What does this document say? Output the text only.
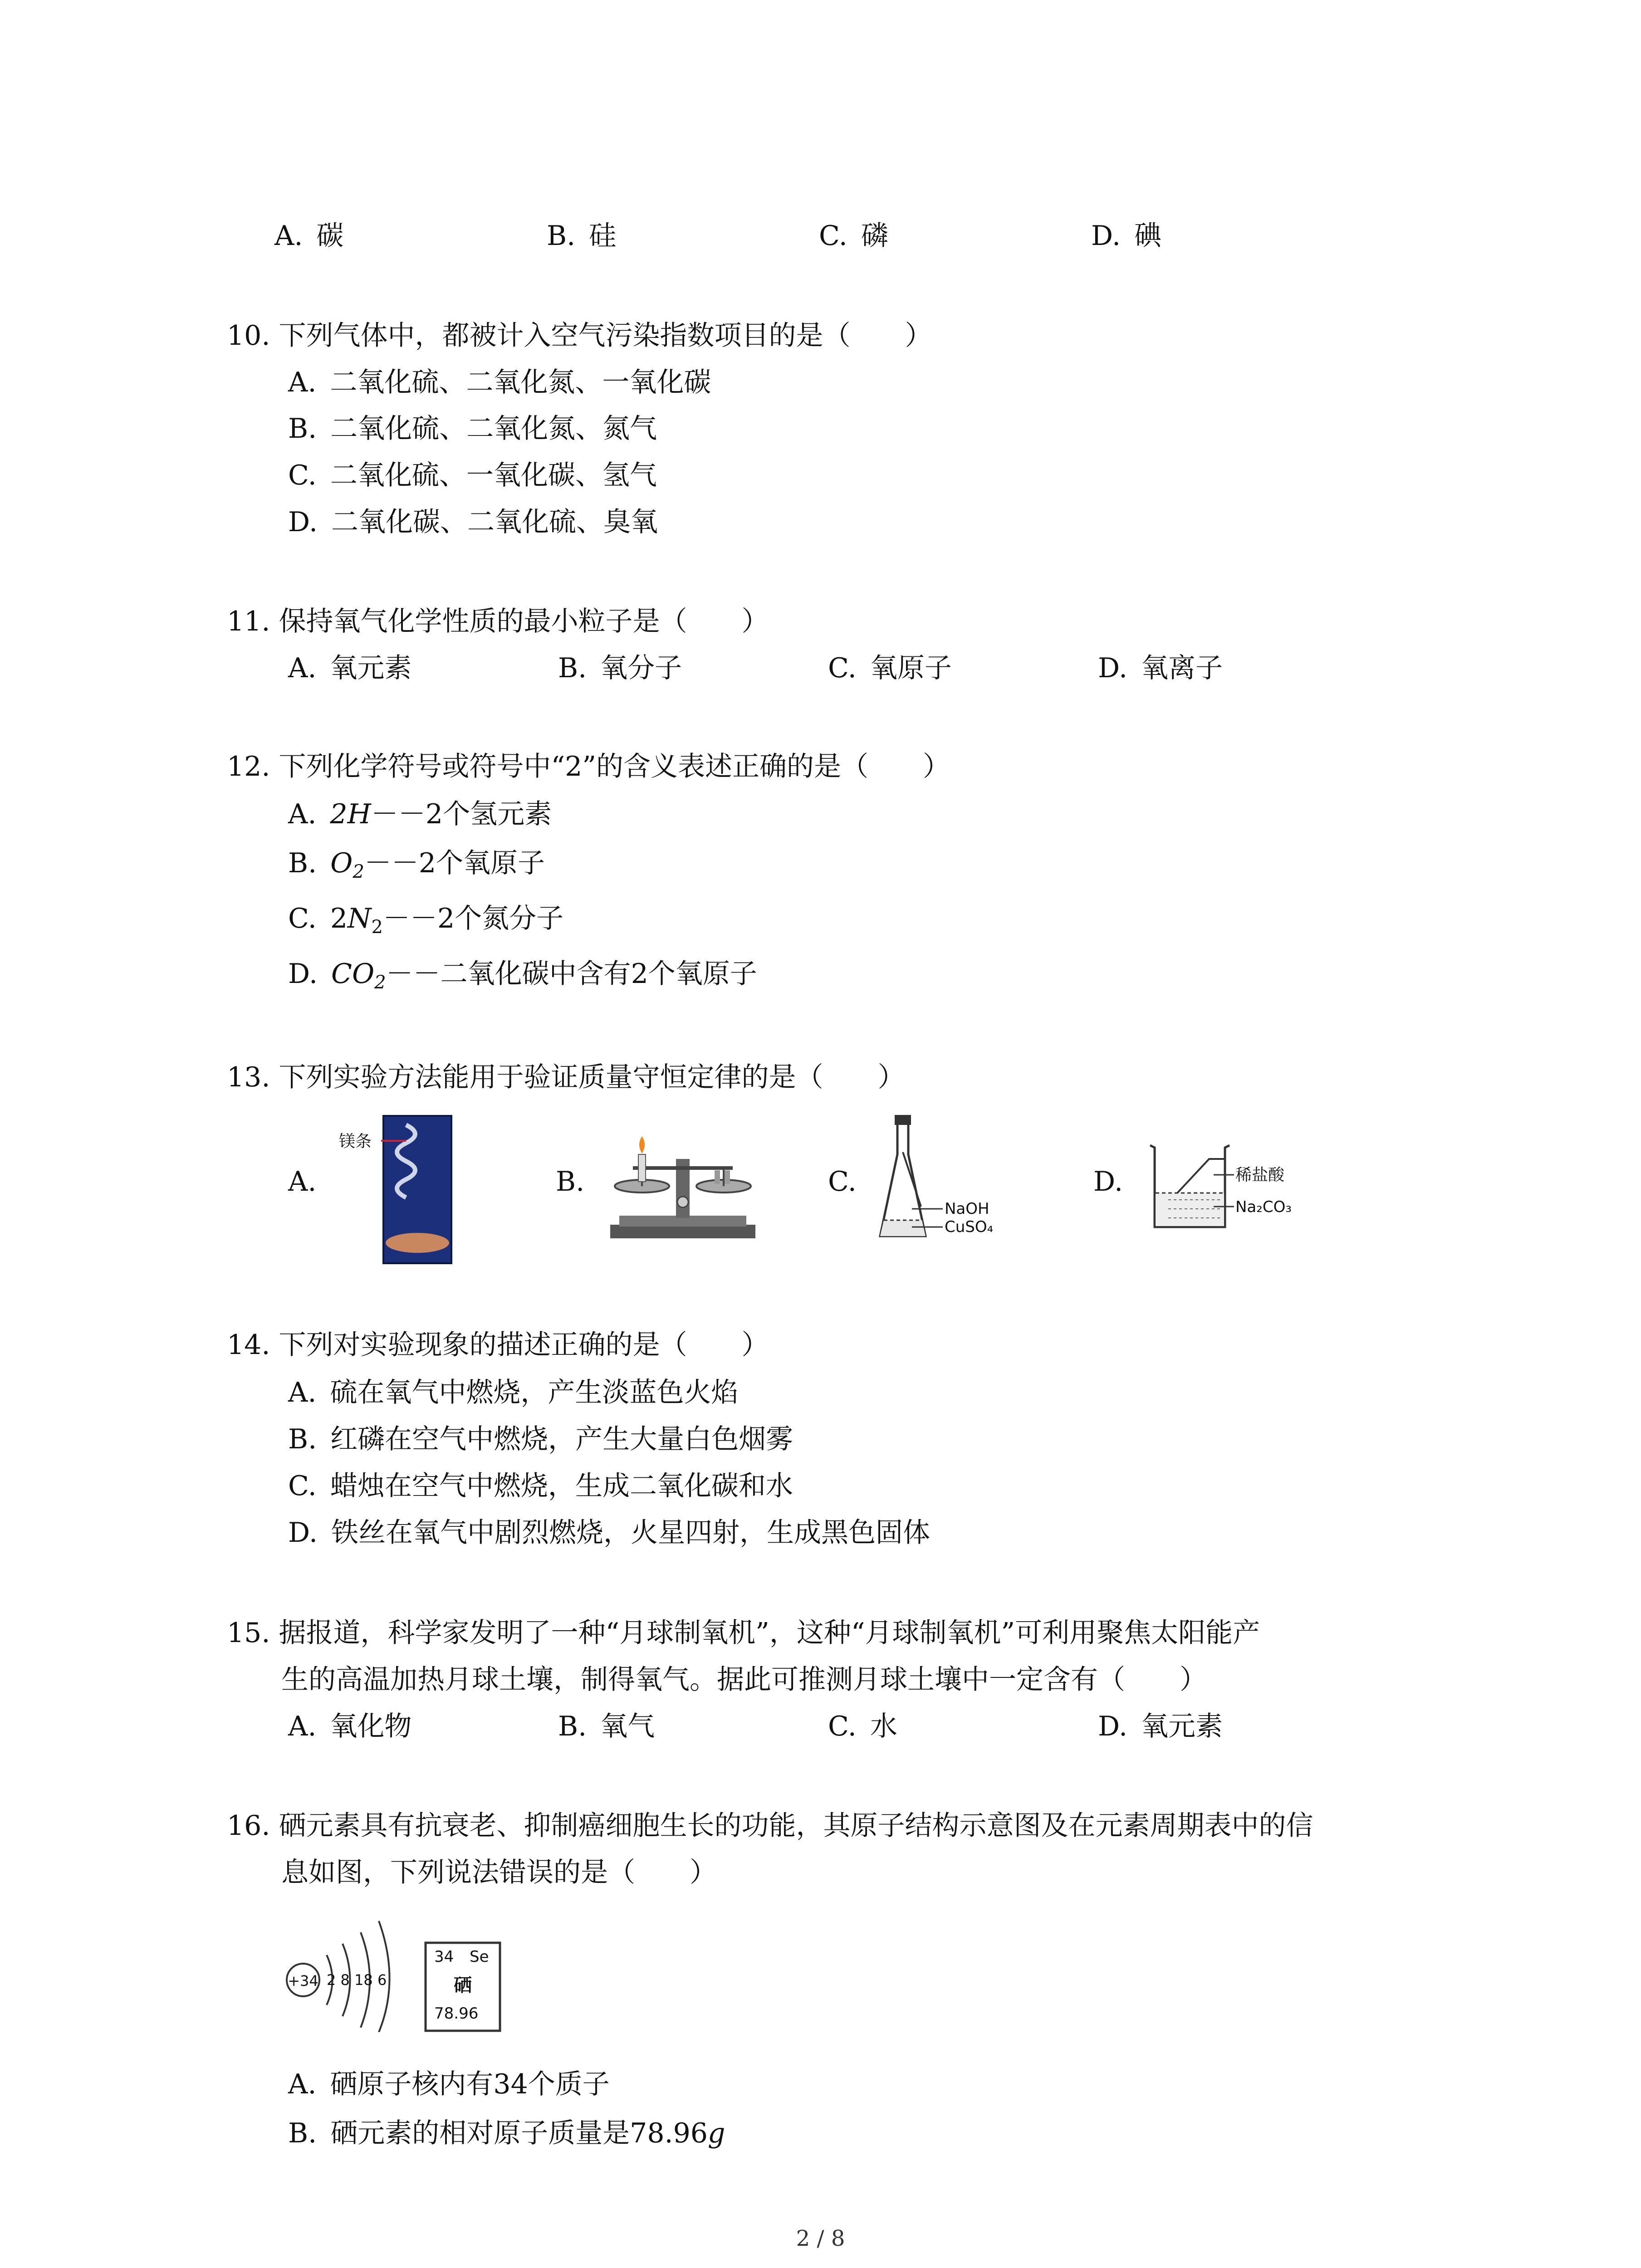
A.  碳	B.  硅	C.  磷	D.  碘
10. 下列气体中，都被计入空气污染指数项目的是（　　）
A.  二氧化硫、二氧化氮、一氧化碳
B.  二氧化硫、二氧化氮、氮气
C.  二氧化硫、一氧化碳、氢气
D.  二氧化碳、二氧化硫、臭氧
11. 保持氧气化学性质的最小粒子是（　　）
A.  氧元素	B.  氧分子	C.  氧原子	D.  氧离子
12. 下列化学符号或符号中“2”的含义表述正确的是（　　）
A.  2H－－2个氢元素
B.  $O_2--2$个氧原子
C.  $2N_2--2$个氮分子
D.  $CO_2--$二氧化碳中含有2个氧原子
13. 下列实验方法能用于验证质量守恒定律的是（　　）
A.	B.	C.	D.
镁条
NaOH
CuSO₄
稀盐酸
Na₂CO₃
14. 下列对实验现象的描述正确的是（　　）
A.  硫在氧气中燃烧，产生淡蓝色火焰
B.  红磷在空气中燃烧，产生大量白色烟雾
C.  蜡烛在空气中燃烧，生成二氧化碳和水
D.  铁丝在氧气中剧烈燃烧，火星四射，生成黑色固体
15. 据报道，科学家发明了一种“月球制氧机”，这种“月球制氧机”可利用聚焦太阳能产
生的高温加热月球土壤，制得氧气。据此可推测月球土壤中一定含有（　　）
A.  氧化物	B.  氧气	C.  水	D.  氧元素
16. 硒元素具有抗衰老、抑制癌细胞生长的功能，其原子结构示意图及在元素周期表中的信
息如图，下列说法错误的是（　　）
+34 2 8 18 6
34 Se
硒
78.96
A.  硒原子核内有34个质子
B.  硒元素的相对原子质量是78.96g
2 / 8
